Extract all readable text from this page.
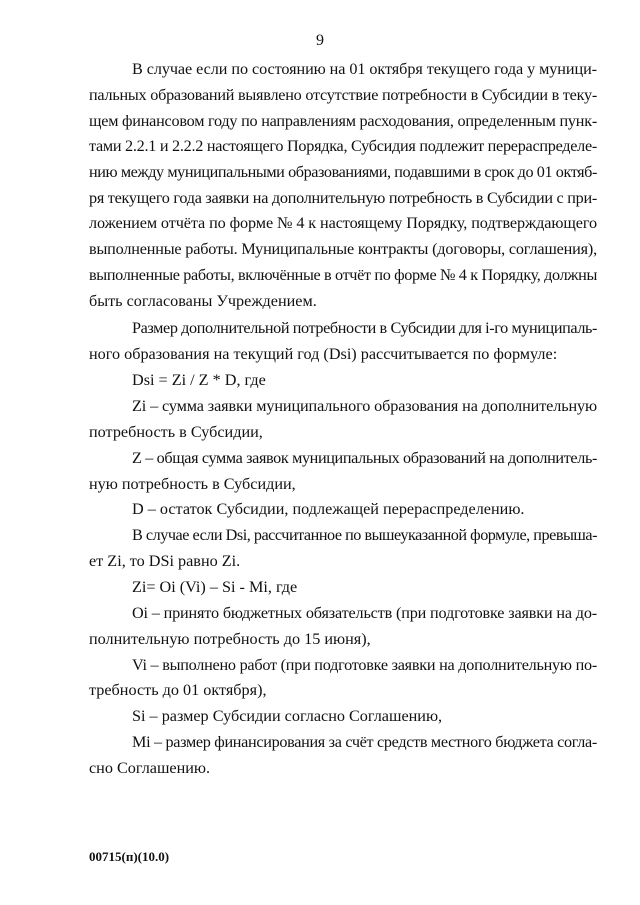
9
В случае если по состоянию на 01 октября текущего года у муници-
пальных образований выявлено отсутствие потребности в Субсидии в теку-
щем финансовом году по направлениям расходования, определенным пунк-
тами 2.2.1 и 2.2.2 настоящего Порядка, Субсидия подлежит перераспределе-
нию между муниципальными образованиями, подавшими в срок до 01 октяб-
ря текущего года заявки на дополнительную потребность в Субсидии с при-
ложением отчёта по форме № 4 к настоящему Порядку, подтверждающего
выполненные работы. Муниципальные контракты (договоры, соглашения),
выполненные работы, включённые в отчёт по форме № 4 к Порядку, должны
быть согласованы Учреждением.
Размер дополнительной потребности в Субсидии для i-го муниципаль-
ного образования на текущий год (Dsi) рассчитывается по формуле:
Dsi = Zi / Z * D, где
Zi – сумма заявки муниципального образования на дополнительную
потребность в Субсидии,
Z – общая сумма заявок муниципальных образований на дополнитель-
ную потребность в Субсидии,
D – остаток Субсидии, подлежащей перераспределению.
В случае если Dsi, рассчитанное по вышеуказанной формуле, превыша-
ет Zi, то DSi равно Zi.
Zi= Oi (Vi) – Si - Mi, где
Oi – принято бюджетных обязательств (при подготовке заявки на до-
полнительную потребность до 15 июня),
Vi – выполнено работ (при подготовке заявки на дополнительную по-
требность до 01 октября),
Si – размер Субсидии согласно Соглашению,
Mi – размер финансирования за счёт средств местного бюджета согла-
сно Соглашению.
00715(п)(10.0)
